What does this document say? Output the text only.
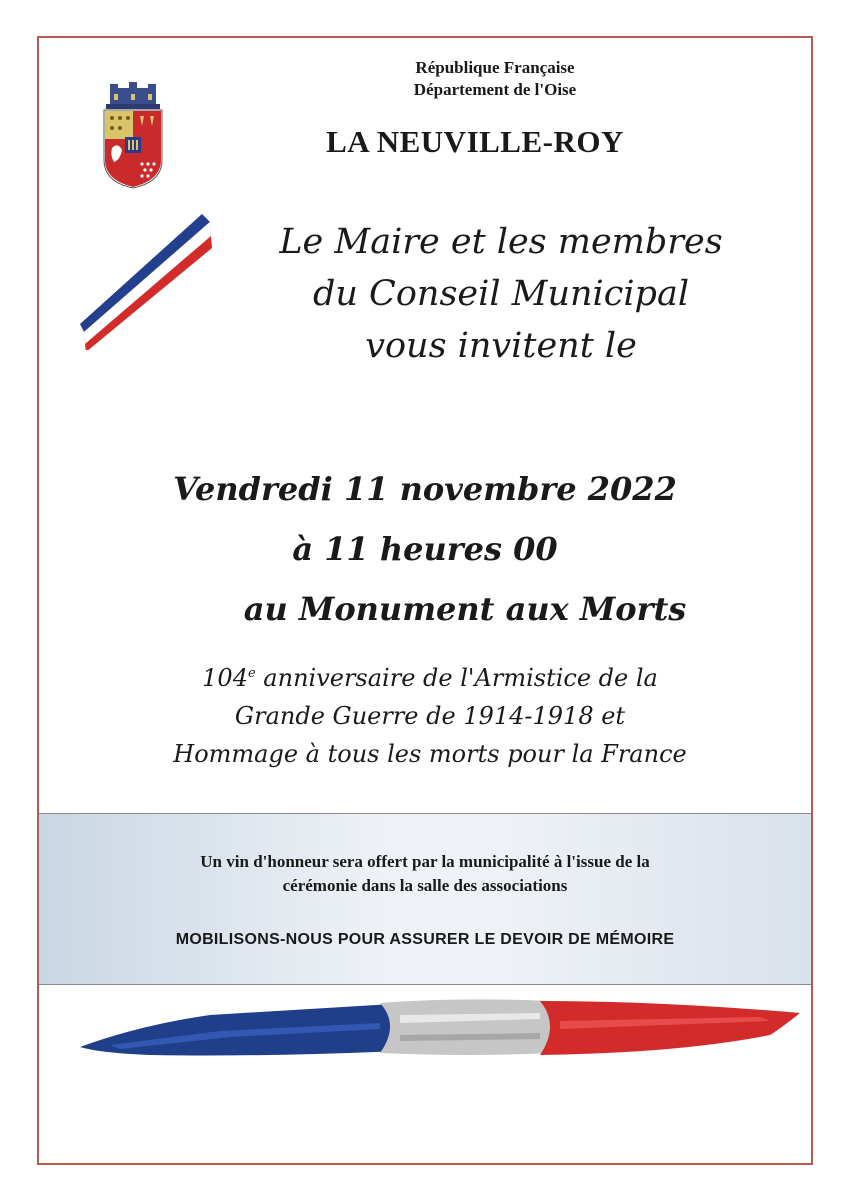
République Française
Département de l'Oise
LA NEUVILLE-ROY
Le Maire et les membres
du Conseil Municipal
vous invitent le
Vendredi 11 novembre 2022
à 11 heures 00
au Monument aux Morts
104e anniversaire de l'Armistice de la
Grande Guerre de 1914-1918 et
Hommage à tous les morts pour la France
Un vin d'honneur sera offert par la municipalité à l'issue de la
cérémonie dans la salle des associations
MOBILISONS-NOUS POUR ASSURER LE DEVOIR DE MÉMOIRE
